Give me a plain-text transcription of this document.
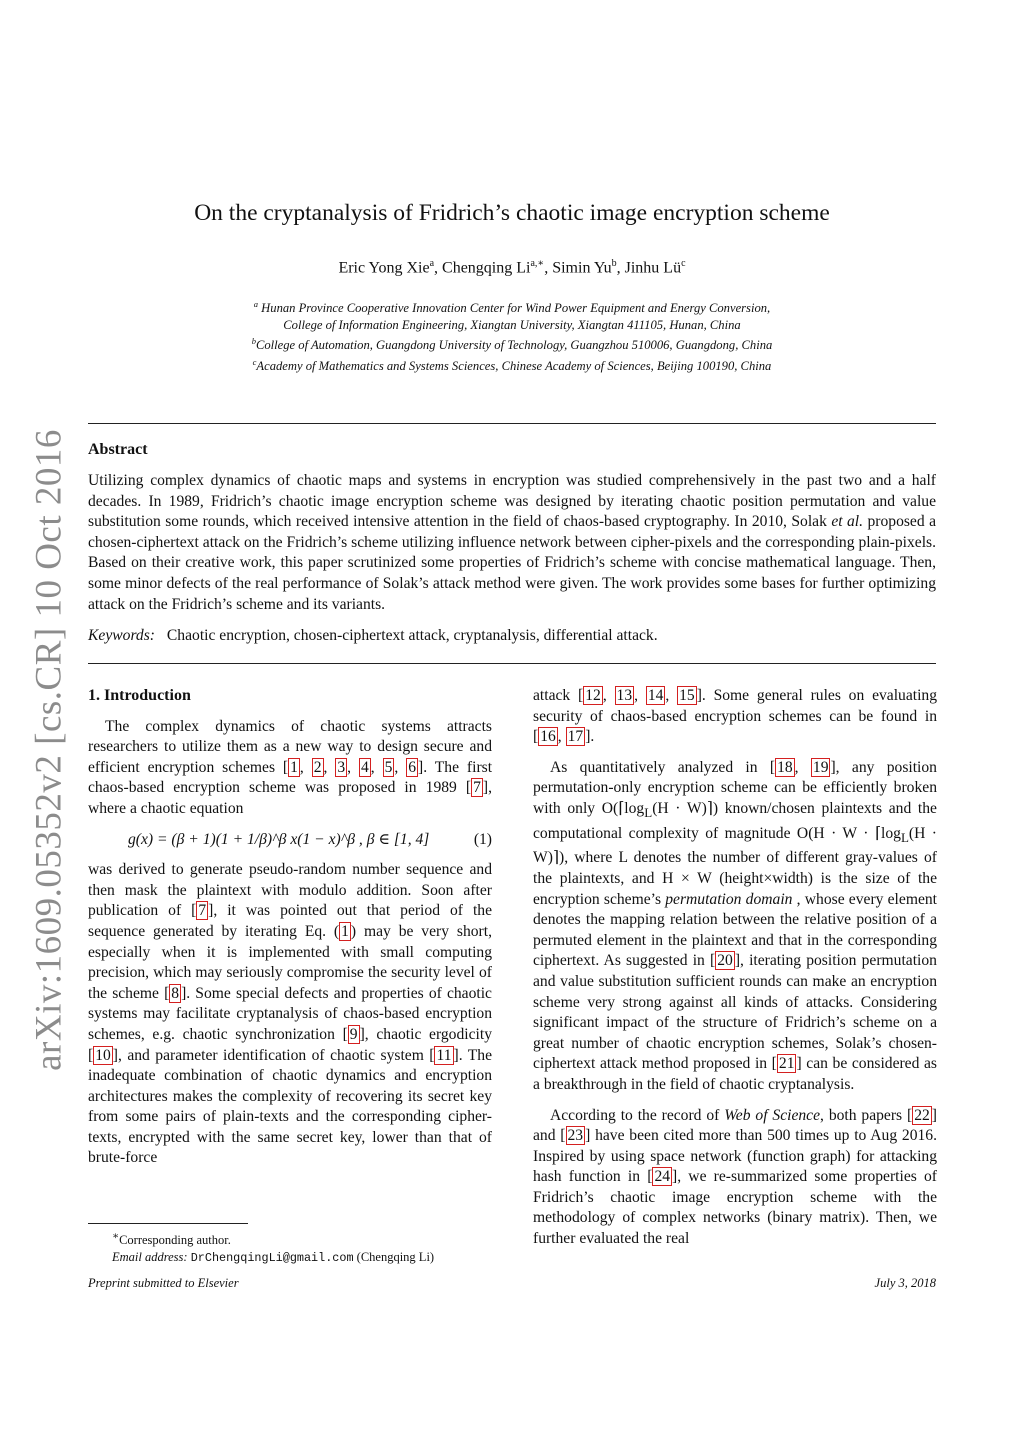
arXiv:1609.05352v2 [cs.CR] 10 Oct 2016
On the cryptanalysis of Fridrich’s chaotic image encryption scheme
Eric Yong Xie$^a$, Chengqing $Li^{a,∗}$, Simin Yu$^b$, Jinhu $Lü^c$
$^a$ Hunan Province Cooperative Innovation Center for Wind Power Equipment and Energy Conversion,
College of Information Engineering, Xiangtan University, Xiangtan 411105, Hunan, China
$^b$College of Automation, Guangdong University of Technology, Guangzhou 510006, Guangdong, China
$^c$Academy of Mathematics and Systems Sciences, Chinese Academy of Sciences, Beijing 100190, China
Abstract
Utilizing complex dynamics of chaotic maps and systems in encryption was studied comprehensively in the past two and a half decades. In 1989, Fridrich’s chaotic image encryption scheme was designed by iterating chaotic position permutation and value substitution some rounds, which received intensive attention in the field of chaos-based cryptography. In 2010, Solak et al. proposed a chosen-ciphertext attack on the Fridrich’s scheme utilizing influence network between cipher-pixels and the corresponding plain-pixels. Based on their creative work, this paper scrutinized some properties of Fridrich’s scheme with concise mathematical language. Then, some minor defects of the real performance of Solak’s attack method were given. The work provides some bases for further optimizing attack on the Fridrich’s scheme and its variants.
Keywords: Chaotic encryption, chosen-ciphertext attack, cryptanalysis, differential attack.

1. Introduction

The complex dynamics of chaotic systems attracts researchers to utilize them as a new way to design secure and efficient encryption schemes [ 1 , 2 , 3 , 4 , 5 , 6 ]. The first chaos-based encryption scheme was proposed in 1989 [ 7 ], where a chaotic equation

g(x) = (β + 1)(1 + 1/β)^β x(1 − x)^β , β ∈ [1, 4]	(1)

was derived to generate pseudo-random number sequence and then mask the plaintext with modulo addition. Soon after publication of [ 7 ], it was pointed out that period of the sequence generated by iterating Eq. ( 1 ) may be very short, especially when it is implemented with small computing precision, which may seriously compromise the security level of the scheme [ 8 ]. Some special defects and properties of chaotic systems may facilitate cryptanalysis of chaos-based encryption schemes, e.g. chaotic synchronization [ 9 ], chaotic ergodicity [ 10 ], and parameter identification of chaotic system [ 11 ]. The inadequate combination of chaotic dynamics and encryption architectures makes the complexity of recovering its secret key from some pairs of plain-texts and the corresponding cipher-texts, encrypted with the same secret key, lower than that of brute-force

attack [ 12 , 13 , 14 , 15 ]. Some general rules on evaluating security of chaos-based encryption schemes can be found in [ 16 , 17 ].

As quantitatively analyzed in [ 18 , 19 ], any position permutation-only encryption scheme can be efficiently broken with only $O(⌈\log_L(H$ · W)⌉) known/chosen plaintexts and the computational complexity of magnitude $O(H \cdot W \cdot ⌈\log_L(H$ · W)⌉), where L denotes the number of different gray-values of the plaintexts, and H × W (height×width) is the size of the encryption scheme’s permutation domain , whose every element denotes the mapping relation between the relative position of a permuted element in the plaintext and that in the corresponding ciphertext. As suggested in [ 20 ], iterating position permutation and value substitution sufficient rounds can make an encryption scheme very strong against all kinds of attacks. Considering significant impact of the structure of Fridrich’s scheme on a great number of chaotic encryption schemes, Solak’s chosen-ciphertext attack method proposed in [ 21 ] can be considered as a breakthrough in the field of chaotic cryptanalysis.

According to the record of Web of Science, both papers [ 22 ] and [ 23 ] have been cited more than 500 times up to Aug 2016. Inspired by using space network (function graph) for attacking hash function in [ 24 ], we re-summarized some properties of Fridrich’s chaotic image encryption scheme with the methodology of complex networks (binary matrix). Then, we further evaluated the real

∗Corresponding author.
Email address: DrChengqingLi@gmail.com (Chengqing Li)
Preprint submitted to Elsevier	July 3, 2018
